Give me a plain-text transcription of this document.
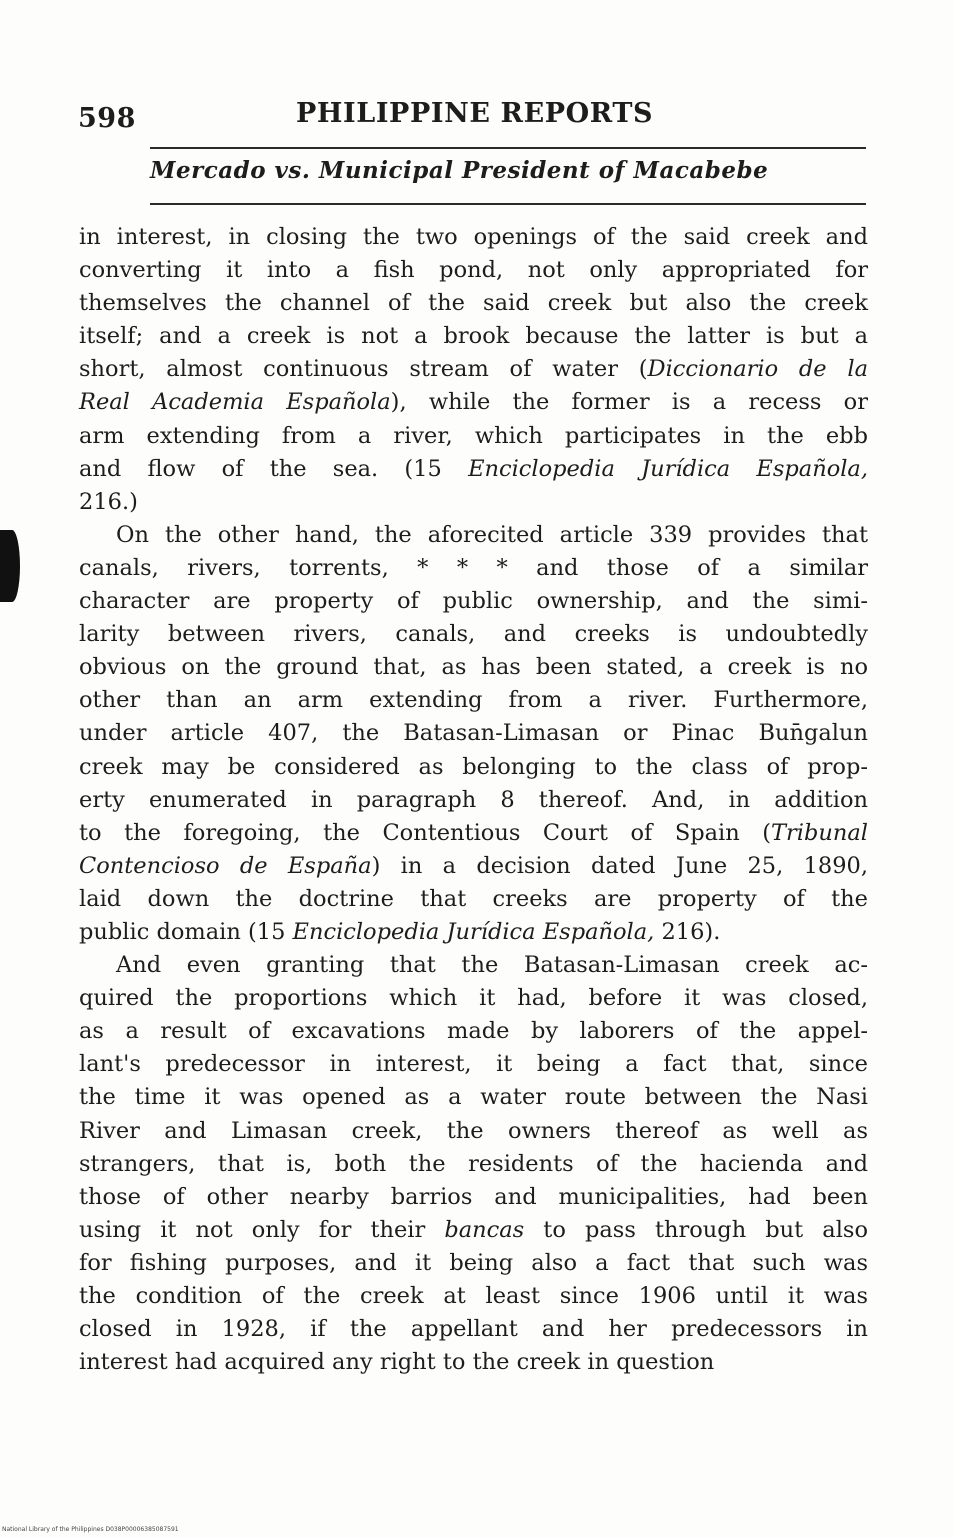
598	PHILIPPINE REPORTS
Mercado vs. Municipal President of Macabebe
in interest, in closing the two openings of the said creek and
converting it into a fish pond, not only appropriated for
themselves the channel of the said creek but also the creek
itself; and a creek is not a brook because the latter is but a
short, almost continuous stream of water (Diccionario de la
Real Academia Española), while the former is a recess or
arm extending from a river, which participates in the ebb
and flow of the sea. (15 Enciclopedia Jurídica Española,
216.)
On the other hand, the aforecited article 339 provides that
canals, rivers, torrents, * * * and those of a similar
character are property of public ownership, and the simi-
larity between rivers, canals, and creeks is undoubtedly
obvious on the ground that, as has been stated, a creek is no
other than an arm extending from a river. Furthermore,
under article 407, the Batasan-Limasan or Pinac Bun̄galun
creek may be considered as belonging to the class of prop-
erty enumerated in paragraph 8 thereof. And, in addition
to the foregoing, the Contentious Court of Spain (Tribunal
Contencioso de España) in a decision dated June 25, 1890,
laid down the doctrine that creeks are property of the
public domain (15 Enciclopedia Jurídica Española, 216).
And even granting that the Batasan-Limasan creek ac-
quired the proportions which it had, before it was closed,
as a result of excavations made by laborers of the appel-
lant's predecessor in interest, it being a fact that, since
the time it was opened as a water route between the Nasi
River and Limasan creek, the owners thereof as well as
strangers, that is, both the residents of the hacienda and
those of other nearby barrios and municipalities, had been
using it not only for their bancas to pass through but also
for fishing purposes, and it being also a fact that such was
the condition of the creek at least since 1906 until it was
closed in 1928, if the appellant and her predecessors in
interest had acquired any right to the creek in question
National Library of the Philippines D038P00006385087591
